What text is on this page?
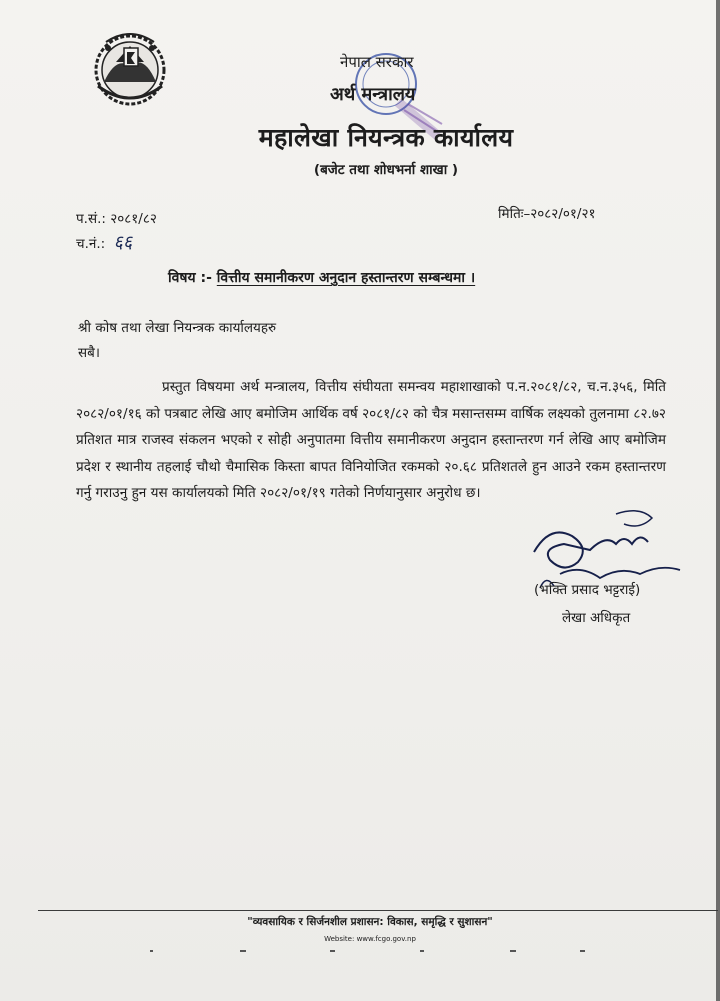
नेपाल सरकार
अर्थ मन्त्रालय
महालेखा नियन्त्रक कार्यालय
(बजेट तथा शोधभर्ना शाखा )
प.सं.: २०८१/८२
च.नं.: ६६
मितिः–२०८२/०१/२१
विषय :- वित्तीय समानीकरण अनुदान हस्तान्तरण सम्बन्धमा ।
श्री कोष तथा लेखा नियन्त्रक कार्यालयहरु
सबै।
प्रस्तुत विषयमा अर्थ मन्त्रालय, वित्तीय संघीयता समन्वय महाशाखाको प.न.२०८१/८२, च.न.३५६, मिति २०८२/०१/१६ को पत्रबाट लेखि आए बमोजिम आर्थिक वर्ष २०८१/८२ को चैत्र मसान्तसम्म वार्षिक लक्ष्यको तुलनामा ८२.७२ प्रतिशत मात्र राजस्व संकलन भएको र सोही अनुपातमा वित्तीय समानीकरण अनुदान हस्तान्तरण गर्न लेखि आए बमोजिम प्रदेश र स्थानीय तहलाई चौथो चैमासिक किस्ता बापत विनियोजित रकमको २०.६८ प्रतिशतले हुन आउने रकम हस्तान्तरण गर्नु गराउनु हुन यस कार्यालयको मिति २०८२/०१/१९ गतेको निर्णयानुसार अनुरोध छ।
(भक्ति प्रसाद भट्टराई)
लेखा अधिकृत
"व्यवसायिक र सिर्जनशील प्रशासन: विकास, समृद्धि र सुशासन"
Website: www.fcgo.gov.np
